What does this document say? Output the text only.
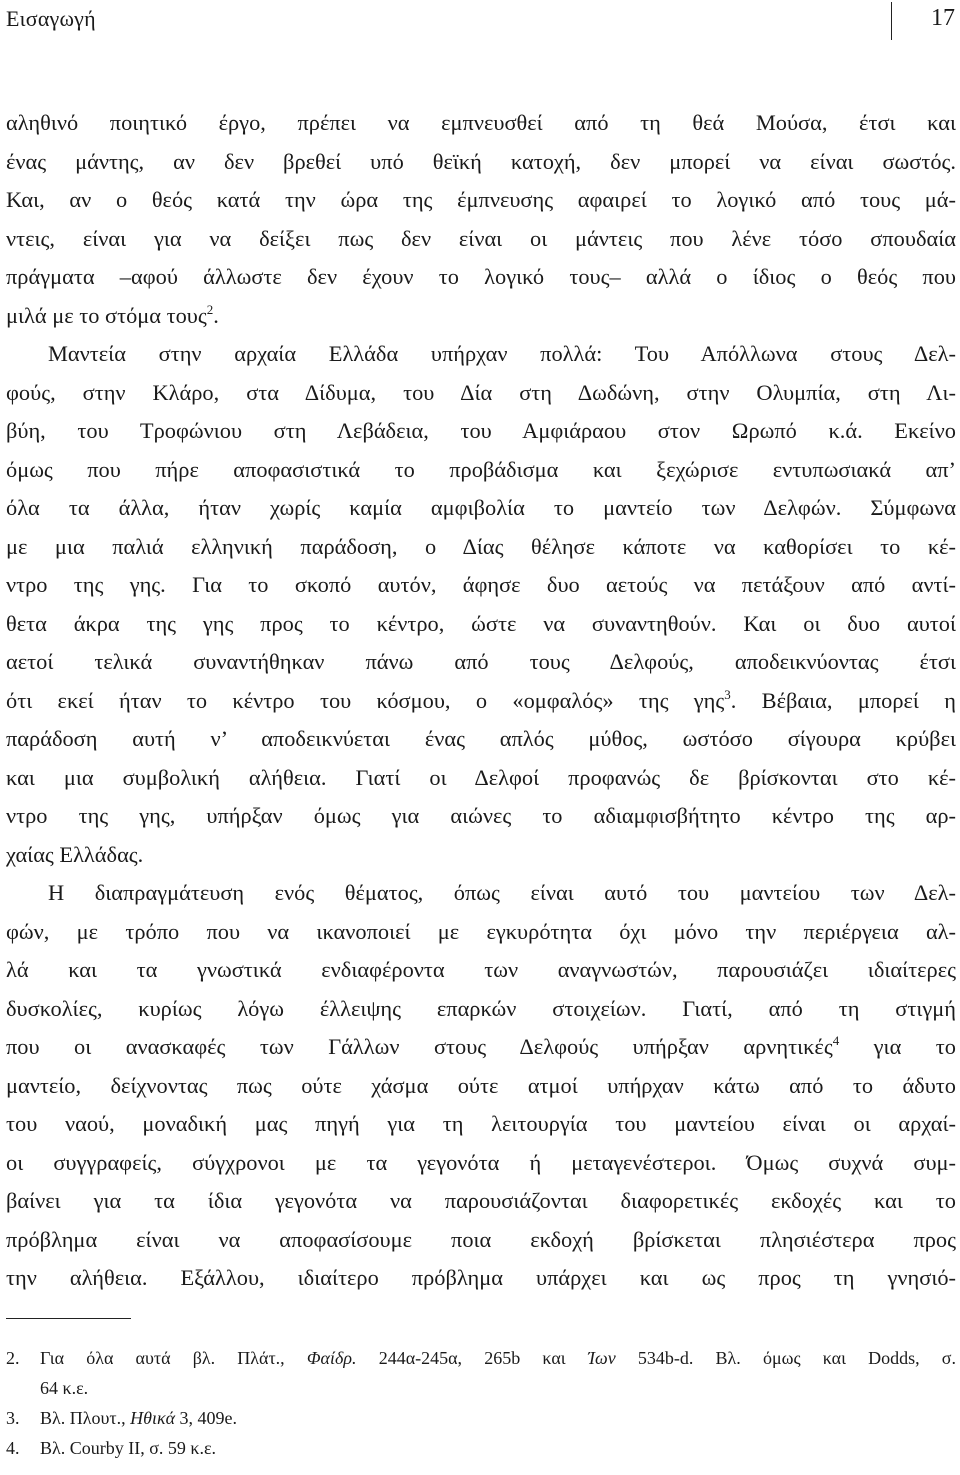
Εισαγωγή	17
αληθινό ποιητικό έργο, πρέπει να εμπνευσθεί από τη θεά Μούσα, έτσι και
ένας μάντης, αν δεν βρεθεί υπό θεϊκή κατοχή, δεν μπορεί να είναι σωστός.
Και, αν ο θεός κατά την ώρα της έμπνευσης αφαιρεί το λογικό από τους μά-
ντεις, είναι για να δείξει πως δεν είναι οι μάντεις που λένε τόσο σπουδαία
πράγματα –αφού άλλωστε δεν έχουν το λογικό τους– αλλά ο ίδιος ο θεός που
μιλά με το στόμα τους$^2$.
Μαντεία στην αρχαία Ελλάδα υπήρχαν πολλά: Του Απόλλωνα στους Δελ-
φούς, στην Κλάρο, στα Δίδυμα, του Δία στη Δωδώνη, στην Ολυμπία, στη Λι-
βύη, του Τροφώνιου στη Λεβάδεια, του Αμφιάραου στον Ωρωπό κ.ά. Εκείνο
όμως που πήρε αποφασιστικά το προβάδισμα και ξεχώρισε εντυπωσιακά απ’
όλα τα άλλα, ήταν χωρίς καμία αμφιβολία το μαντείο των Δελφών. Σύμφωνα
με μια παλιά ελληνική παράδοση, ο Δίας θέλησε κάποτε να καθορίσει το κέ-
ντρο της γης. Για το σκοπό αυτόν, άφησε δυο αετούς να πετάξουν από αντί-
θετα άκρα της γης προς το κέντρο, ώστε να συναντηθούν. Και οι δυο αυτοί
αετοί τελικά συναντήθηκαν πάνω από τους Δελφούς, αποδεικνύοντας έτσι
ότι εκεί ήταν το κέντρο του κόσμου, ο «ομφαλός» της γης$^3$. Βέβαια, μπορεί η
παράδοση αυτή ν’ αποδεικνύεται ένας απλός μύθος, ωστόσο σίγουρα κρύβει
και μια συμβολική αλήθεια. Γιατί οι Δελφοί προφανώς δε βρίσκονται στο κέ-
ντρο της γης, υπήρξαν όμως για αιώνες το αδιαμφισβήτητο κέντρο της αρ-
χαίας Ελλάδας.
Η διαπραγμάτευση ενός θέματος, όπως είναι αυτό του μαντείου των Δελ-
φών, με τρόπο που να ικανοποιεί με εγκυρότητα όχι μόνο την περιέργεια αλ-
λά και τα γνωστικά ενδιαφέροντα των αναγνωστών, παρουσιάζει ιδιαίτερες
δυσκολίες, κυρίως λόγω έλλειψης επαρκών στοιχείων. Γιατί, από τη στιγμή
που οι ανασκαφές των Γάλλων στους Δελφούς υπήρξαν αρνητικές$^4$ για το
μαντείο, δείχνοντας πως ούτε χάσμα ούτε ατμοί υπήρχαν κάτω από το άδυτο
του ναού, μοναδική μας πηγή για τη λειτουργία του μαντείου είναι οι αρχαί-
οι συγγραφείς, σύγχρονοι με τα γεγονότα ή μεταγενέστεροι. Όμως συχνά συμ-
βαίνει για τα ίδια γεγονότα να παρουσιάζονται διαφορετικές εκδοχές και το
πρόβλημα είναι να αποφασίσουμε ποια εκδοχή βρίσκεται πλησιέστερα προς
την αλήθεια. Εξάλλου, ιδιαίτερο πρόβλημα υπάρχει και ως προς τη γνησιό-
2. Για όλα αυτά βλ. Πλάτ., Φαίδρ. 244α-245α, 265b και Ίων 534b-d. Βλ. όμως και Dodds, σ.
64 κ.ε.
3. Βλ. Πλουτ., Ηθικά 3, 409e.
4. Βλ. Courby II, σ. 59 κ.ε.
